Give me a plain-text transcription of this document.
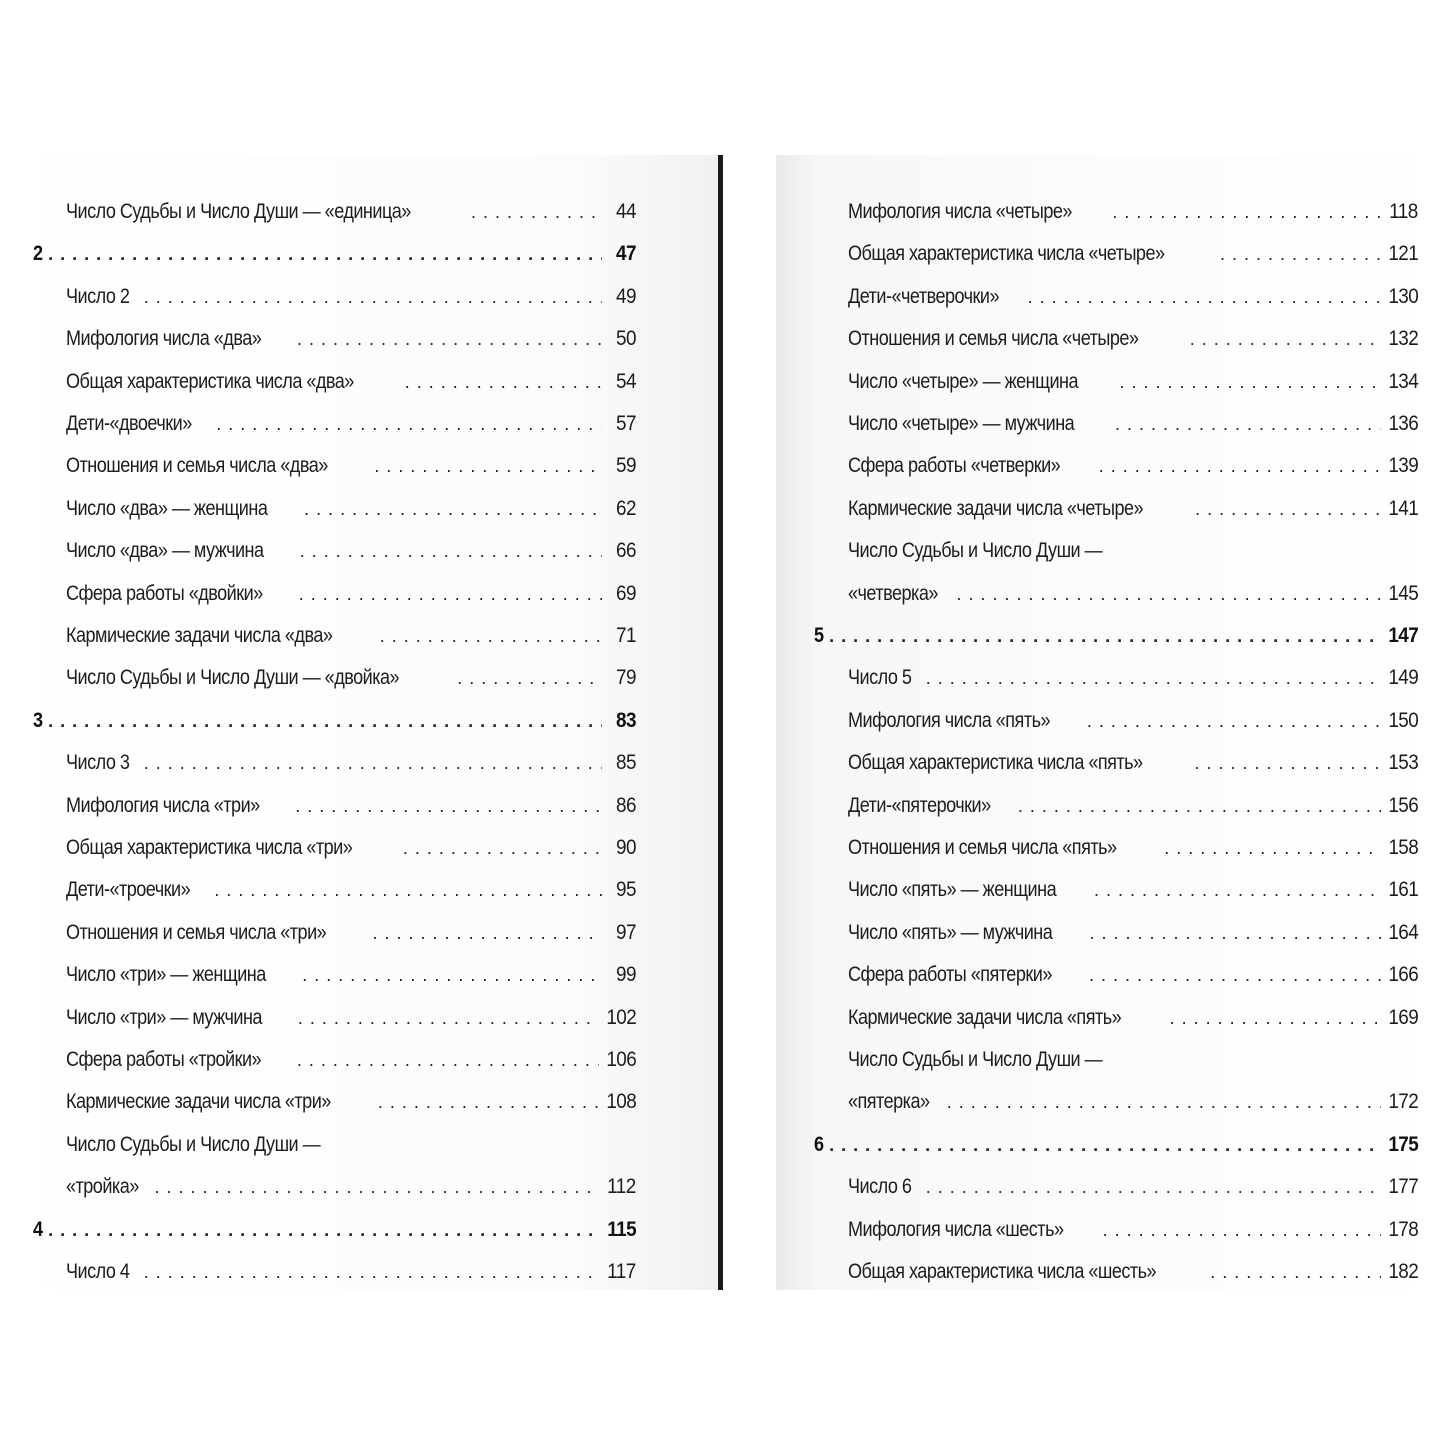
Число Судьбы и Число Души — «единица» . . .	44
2 . . .	47
Число 2 . . .	49
Мифология числа «два» . . .	50
Общая характеристика числа «два» . . .	54
Дети-«двоечки» . . .	57
Отношения и семья числа «два» . . .	59
Число «два» — женщина . . .	62
Число «два» — мужчина . . .	66
Сфера работы «двойки» . . .	69
Кармические задачи числа «два» . . .	71
Число Судьбы и Число Души — «двойка» . . .	79
3 . . .	83
Число 3 . . .	85
Мифология числа «три» . . .	86
Общая характеристика числа «три» . . .	90
Дети-«троечки» . . .	95
Отношения и семья числа «три» . . .	97
Число «три» — женщина . . .	99
Число «три» — мужчина . . .	102
Сфера работы «тройки» . . .	106
Кармические задачи числа «три» . . .	108
Число Судьбы и Число Души —
«тройка» . . .	112
4 . . .	115
Число 4 . . .	117
Мифология числа «четыре» . . .	118
Общая характеристика числа «четыре» . . .	121
Дети-«четверочки» . . .	130
Отношения и семья числа «четыре» . . .	132
Число «четыре» — женщина . . .	134
Число «четыре» — мужчина . . .	136
Сфера работы «четверки» . . .	139
Кармические задачи числа «четыре» . . .	141
Число Судьбы и Число Души —
«четверка» . . .	145
5 . . .	147
Число 5 . . .	149
Мифология числа «пять» . . .	150
Общая характеристика числа «пять» . . .	153
Дети-«пятерочки» . . .	156
Отношения и семья числа «пять» . . .	158
Число «пять» — женщина . . .	161
Число «пять» — мужчина . . .	164
Сфера работы «пятерки» . . .	166
Кармические задачи числа «пять» . . .	169
Число Судьбы и Число Души —
«пятерка» . . .	172
6 . . .	175
Число 6 . . .	177
Мифология числа «шесть» . . .	178
Общая характеристика числа «шесть» . . .	182
